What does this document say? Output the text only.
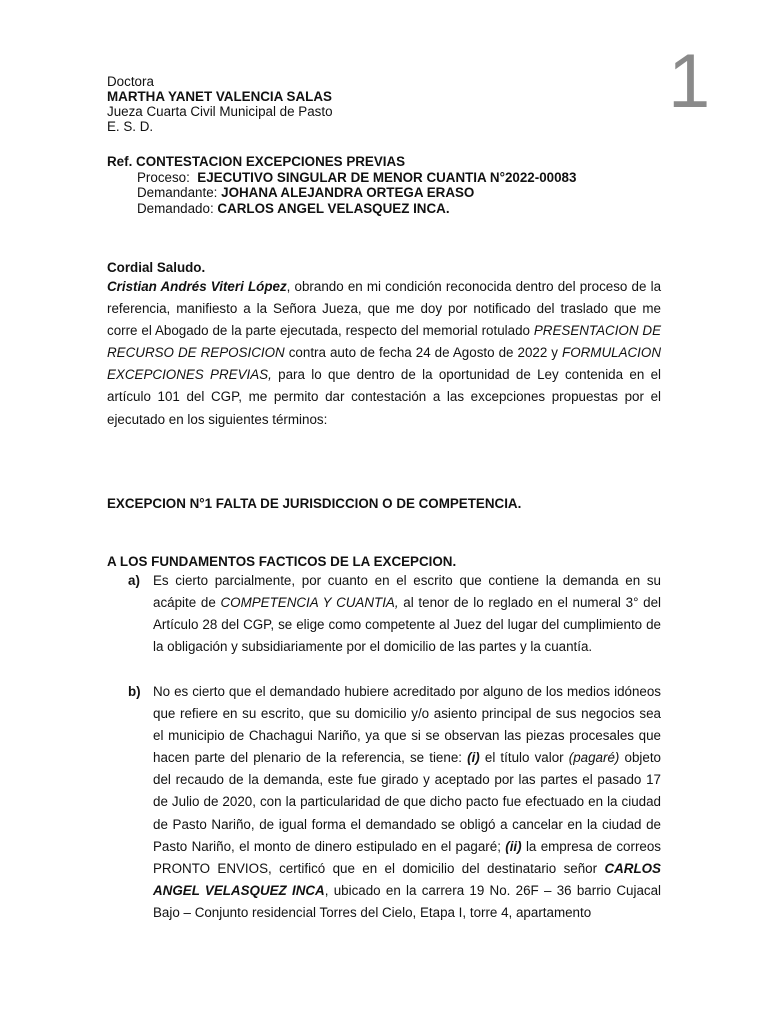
1
Doctora
MARTHA YANET VALENCIA SALAS
Jueza Cuarta Civil Municipal de Pasto
E. S. D.
Ref. CONTESTACION EXCEPCIONES PREVIAS
Proceso: EJECUTIVO SINGULAR DE MENOR CUANTIA N°2022-00083
Demandante: JOHANA ALEJANDRA ORTEGA ERASO
Demandado: CARLOS ANGEL VELASQUEZ INCA.
Cordial Saludo.
Cristian Andrés Viteri López, obrando en mi condición reconocida dentro del proceso de la referencia, manifiesto a la Señora Jueza, que me doy por notificado del traslado que me corre el Abogado de la parte ejecutada, respecto del memorial rotulado PRESENTACION DE RECURSO DE REPOSICION contra auto de fecha 24 de Agosto de 2022 y FORMULACION EXCEPCIONES PREVIAS, para lo que dentro de la oportunidad de Ley contenida en el artículo 101 del CGP, me permito dar contestación a las excepciones propuestas por el ejecutado en los siguientes términos:
EXCEPCION N°1 FALTA DE JURISDICCION O DE COMPETENCIA.
A LOS FUNDAMENTOS FACTICOS DE LA EXCEPCION.
a) Es cierto parcialmente, por cuanto en el escrito que contiene la demanda en su acápite de COMPETENCIA Y CUANTIA, al tenor de lo reglado en el numeral 3° del Artículo 28 del CGP, se elige como competente al Juez del lugar del cumplimiento de la obligación y subsidiariamente por el domicilio de las partes y la cuantía.
b) No es cierto que el demandado hubiere acreditado por alguno de los medios idóneos que refiere en su escrito, que su domicilio y/o asiento principal de sus negocios sea el municipio de Chachagui Nariño, ya que si se observan las piezas procesales que hacen parte del plenario de la referencia, se tiene: (i) el título valor (pagaré) objeto del recaudo de la demanda, este fue girado y aceptado por las partes el pasado 17 de Julio de 2020, con la particularidad de que dicho pacto fue efectuado en la ciudad de Pasto Nariño, de igual forma el demandado se obligó a cancelar en la ciudad de Pasto Nariño, el monto de dinero estipulado en el pagaré; (ii) la empresa de correos PRONTO ENVIOS, certificó que en el domicilio del destinatario señor CARLOS ANGEL VELASQUEZ INCA, ubicado en la carrera 19 No. 26F – 36 barrio Cujacal Bajo – Conjunto residencial Torres del Cielo, Etapa I, torre 4, apartamento
